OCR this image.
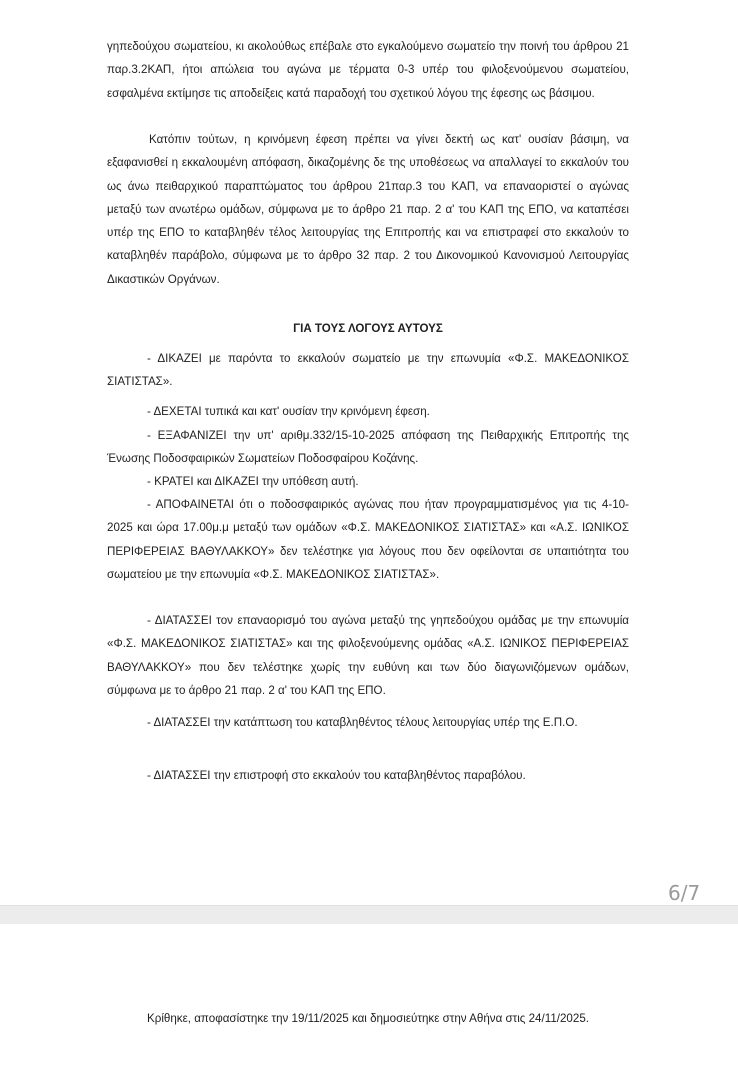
γηπεδούχου σωματείου, κι ακολούθως επέβαλε στο εγκαλούμενο σωματείο την ποινή του άρθρου 21 παρ.3.2ΚΑΠ, ήτοι απώλεια του αγώνα με τέρματα 0-3 υπέρ του φιλοξενούμενου σωματείου, εσφαλμένα εκτίμησε τις αποδείξεις κατά παραδοχή του σχετικού λόγου της έφεσης ως βάσιμου.

Κατόπιν τούτων, η κρινόμενη έφεση πρέπει να γίνει δεκτή ως κατ' ουσίαν βάσιμη, να εξαφανισθεί η εκκαλουμένη απόφαση, δικαζομένης δε της υποθέσεως να απαλλαγεί το εκκαλούν του ως άνω πειθαρχικού παραπτώματος του άρθρου 21παρ.3 του ΚΑΠ, να επαναοριστεί ο αγώνας μεταξύ των ανωτέρω ομάδων, σύμφωνα με το άρθρο 21 παρ. 2 α' του ΚΑΠ της ΕΠΟ, να καταπέσει υπέρ της ΕΠΟ το καταβληθέν τέλος λειτουργίας της Επιτροπής και να επιστραφεί στο εκκαλούν το καταβληθέν παράβολο, σύμφωνα με το άρθρο 32 παρ. 2 του Δικονομικού Κανονισμού Λειτουργίας Δικαστικών Οργάνων.

ΓΙΑ ΤΟΥΣ ΛΟΓΟΥΣ ΑΥΤΟΥΣ

- ΔΙΚΑΖΕΙ με παρόντα το εκκαλούν σωματείο με την επωνυμία «Φ.Σ. ΜΑΚΕΔΟΝΙΚΟΣ ΣΙΑΤΙΣΤΑΣ».

- ΔΕΧΕΤΑΙ τυπικά και κατ' ουσίαν την κρινόμενη έφεση.

- ΕΞΑΦΑΝΙΖΕΙ την υπ' αριθμ.332/15-10-2025 απόφαση της Πειθαρχικής Επιτροπής της Ένωσης Ποδοσφαιρικών Σωματείων Ποδοσφαίρου Κοζάνης.

- ΚΡΑΤΕΙ και ΔΙΚΑΖΕΙ την υπόθεση αυτή.

- ΑΠΟΦΑΙΝΕΤΑΙ ότι ο ποδοσφαιρικός αγώνας που ήταν προγραμματισμένος για τις 4-10-2025 και ώρα 17.00μ.μ μεταξύ των ομάδων «Φ.Σ. ΜΑΚΕΔΟΝΙΚΟΣ ΣΙΑΤΙΣΤΑΣ» και «Α.Σ. ΙΩΝΙΚΟΣ ΠΕΡΙΦΕΡΕΙΑΣ ΒΑΘΥΛΑΚΚΟΥ» δεν τελέστηκε για λόγους που δεν οφείλονται σε υπαιτιότητα του σωματείου με την επωνυμία «Φ.Σ. ΜΑΚΕΔΟΝΙΚΟΣ ΣΙΑΤΙΣΤΑΣ».

- ΔΙΑΤΑΣΣΕΙ τον επαναορισμό του αγώνα μεταξύ της γηπεδούχου ομάδας με την επωνυμία «Φ.Σ. ΜΑΚΕΔΟΝΙΚΟΣ ΣΙΑΤΙΣΤΑΣ» και της φιλοξενούμενης ομάδας «Α.Σ. ΙΩΝΙΚΟΣ ΠΕΡΙΦΕΡΕΙΑΣ ΒΑΘΥΛΑΚΚΟΥ» που δεν τελέστηκε χωρίς την ευθύνη και των δύο διαγωνιζόμενων ομάδων, σύμφωνα με το άρθρο 21 παρ. 2 α' του ΚΑΠ της ΕΠΟ.

- ΔΙΑΤΑΣΣΕΙ την κατάπτωση του καταβληθέντος τέλους λειτουργίας υπέρ της Ε.Π.Ο.

- ΔΙΑΤΑΣΣΕΙ την επιστροφή στο εκκαλούν του καταβληθέντος παραβόλου.

6/7

Κρίθηκε, αποφασίστηκε την 19/11/2025 και δημοσιεύτηκε στην Αθήνα στις 24/11/2025.
